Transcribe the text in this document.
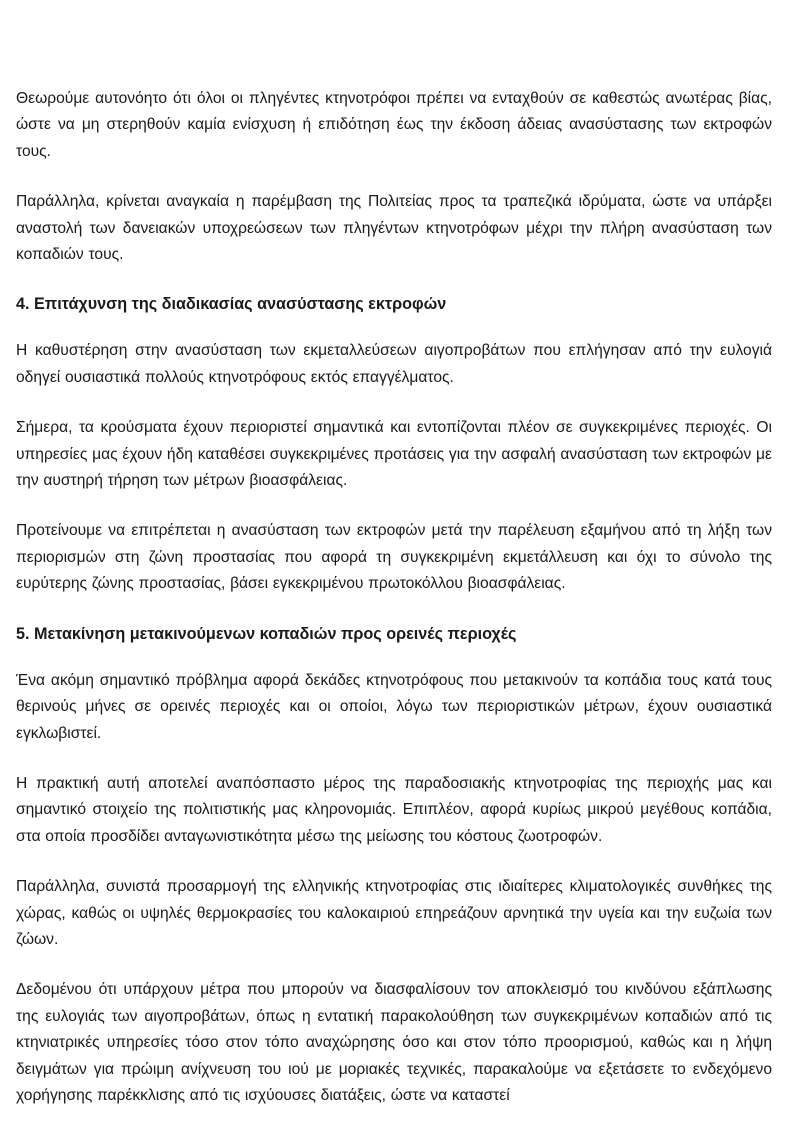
Θεωρούμε αυτονόητο ότι όλοι οι πληγέντες κτηνοτρόφοι πρέπει να ενταχθούν σε καθεστώς ανωτέρας βίας, ώστε να μη στερηθούν καμία ενίσχυση ή επιδότηση έως την έκδοση άδειας ανασύστασης των εκτροφών τους.

Παράλληλα, κρίνεται αναγκαία η παρέμβαση της Πολιτείας προς τα τραπεζικά ιδρύματα, ώστε να υπάρξει αναστολή των δανειακών υποχρεώσεων των πληγέντων κτηνοτρόφων μέχρι την πλήρη ανασύσταση των κοπαδιών τους.

4. Επιτάχυνση της διαδικασίας ανασύστασης εκτροφών

Η καθυστέρηση στην ανασύσταση των εκμεταλλεύσεων αιγοπροβάτων που επλήγησαν από την ευλογιά οδηγεί ουσιαστικά πολλούς κτηνοτρόφους εκτός επαγγέλματος.

Σήμερα, τα κρούσματα έχουν περιοριστεί σημαντικά και εντοπίζονται πλέον σε συγκεκριμένες περιοχές. Οι υπηρεσίες μας έχουν ήδη καταθέσει συγκεκριμένες προτάσεις για την ασφαλή ανασύσταση των εκτροφών με την αυστηρή τήρηση των μέτρων βιοασφάλειας.

Προτείνουμε να επιτρέπεται η ανασύσταση των εκτροφών μετά την παρέλευση εξαμήνου από τη λήξη των περιορισμών στη ζώνη προστασίας που αφορά τη συγκεκριμένη εκμετάλλευση και όχι το σύνολο της ευρύτερης ζώνης προστασίας, βάσει εγκεκριμένου πρωτοκόλλου βιοασφάλειας.

5. Μετακίνηση μετακινούμενων κοπαδιών προς ορεινές περιοχές

Ένα ακόμη σημαντικό πρόβλημα αφορά δεκάδες κτηνοτρόφους που μετακινούν τα κοπάδια τους κατά τους θερινούς μήνες σε ορεινές περιοχές και οι οποίοι, λόγω των περιοριστικών μέτρων, έχουν ουσιαστικά εγκλωβιστεί.

Η πρακτική αυτή αποτελεί αναπόσπαστο μέρος της παραδοσιακής κτηνοτροφίας της περιοχής μας και σημαντικό στοιχείο της πολιτιστικής μας κληρονομιάς. Επιπλέον, αφορά κυρίως μικρού μεγέθους κοπάδια, στα οποία προσδίδει ανταγωνιστικότητα μέσω της μείωσης του κόστους ζωοτροφών.

Παράλληλα, συνιστά προσαρμογή της ελληνικής κτηνοτροφίας στις ιδιαίτερες κλιματολογικές συνθήκες της χώρας, καθώς οι υψηλές θερμοκρασίες του καλοκαιριού επηρεάζουν αρνητικά την υγεία και την ευζωία των ζώων.

Δεδομένου ότι υπάρχουν μέτρα που μπορούν να διασφαλίσουν τον αποκλεισμό του κινδύνου εξάπλωσης της ευλογιάς των αιγοπροβάτων, όπως η εντατική παρακολούθηση των συγκεκριμένων κοπαδιών από τις κτηνιατρικές υπηρεσίες τόσο στον τόπο αναχώρησης όσο και στον τόπο προορισμού, καθώς και η λήψη δειγμάτων για πρώιμη ανίχνευση του ιού με μοριακές τεχνικές, παρακαλούμε να εξετάσετε το ενδεχόμενο χορήγησης παρέκκλισης από τις ισχύουσες διατάξεις, ώστε να καταστεί
